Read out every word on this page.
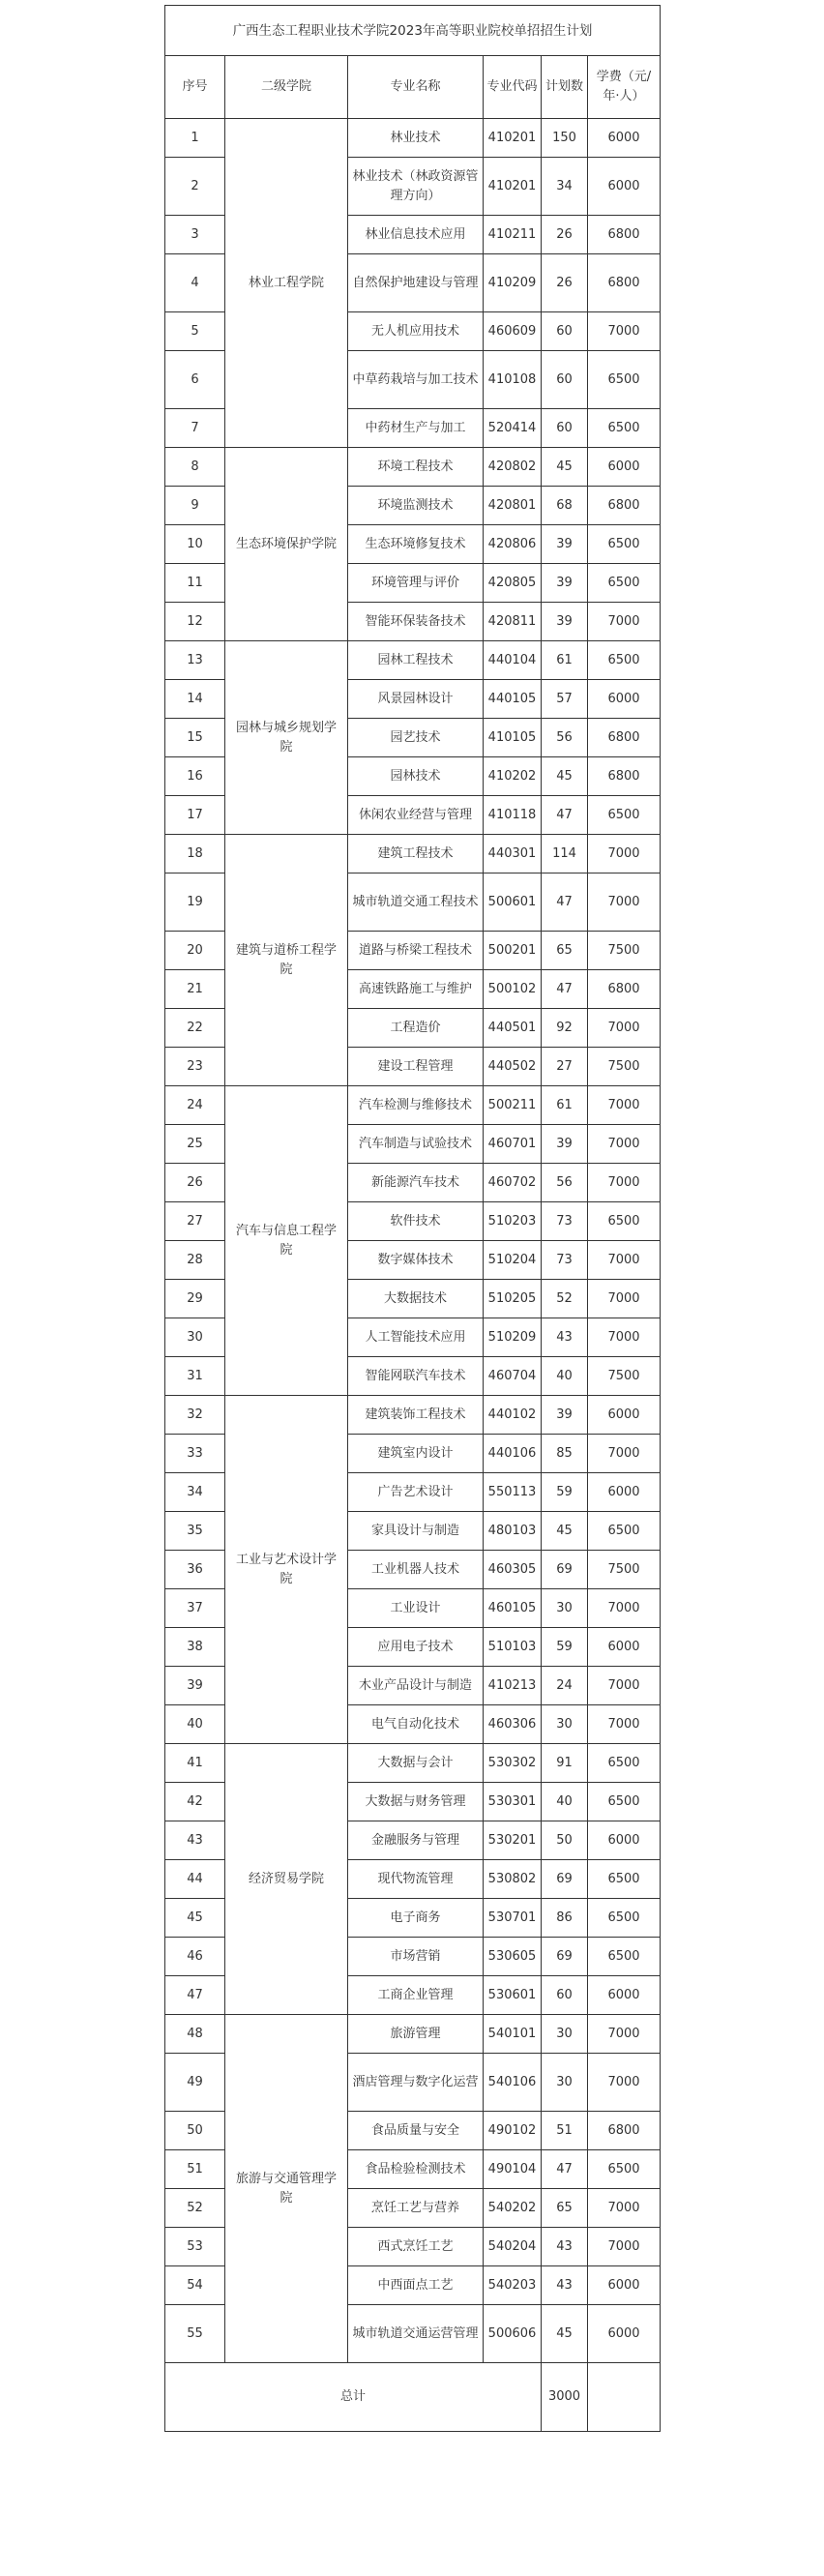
广西生态工程职业技术学院2023年高等职业院校单招招生计划					
序号	二级学院	专业名称	专业代码	计划数	学费（元/年·人）
1	林业工程学院	林业技术	410201	150	6000
2		林业技术（林政资源管理方向）	410201	34	6000
3		林业信息技术应用	410211	26	6800
4		自然保护地建设与管理	410209	26	6800
5		无人机应用技术	460609	60	7000
6		中草药栽培与加工技术	410108	60	6500
7		中药材生产与加工	520414	60	6500
8	生态环境保护学院	环境工程技术	420802	45	6000
9		环境监测技术	420801	68	6800
10		生态环境修复技术	420806	39	6500
11		环境管理与评价	420805	39	6500
12		智能环保装备技术	420811	39	7000
13	园林与城乡规划学院	园林工程技术	440104	61	6500
14		风景园林设计	440105	57	6000
15		园艺技术	410105	56	6800
16		园林技术	410202	45	6800
17		休闲农业经营与管理	410118	47	6500
18	建筑与道桥工程学院	建筑工程技术	440301	114	7000
19		城市轨道交通工程技术	500601	47	7000
20		道路与桥梁工程技术	500201	65	7500
21		高速铁路施工与维护	500102	47	6800
22		工程造价	440501	92	7000
23		建设工程管理	440502	27	7500
24	汽车与信息工程学院	汽车检测与维修技术	500211	61	7000
25		汽车制造与试验技术	460701	39	7000
26		新能源汽车技术	460702	56	7000
27		软件技术	510203	73	6500
28		数字媒体技术	510204	73	7000
29		大数据技术	510205	52	7000
30		人工智能技术应用	510209	43	7000
31		智能网联汽车技术	460704	40	7500
32	工业与艺术设计学院	建筑装饰工程技术	440102	39	6000
33		建筑室内设计	440106	85	7000
34		广告艺术设计	550113	59	6000
35		家具设计与制造	480103	45	6500
36		工业机器人技术	460305	69	7500
37		工业设计	460105	30	7000
38		应用电子技术	510103	59	6000
39		木业产品设计与制造	410213	24	7000
40		电气自动化技术	460306	30	7000
41	经济贸易学院	大数据与会计	530302	91	6500
42		大数据与财务管理	530301	40	6500
43		金融服务与管理	530201	50	6000
44		现代物流管理	530802	69	6500
45		电子商务	530701	86	6500
46		市场营销	530605	69	6500
47		工商企业管理	530601	60	6000
48	旅游与交通管理学院	旅游管理	540101	30	7000
49		酒店管理与数字化运营	540106	30	7000
50		食品质量与安全	490102	51	6800
51		食品检验检测技术	490104	47	6500
52		烹饪工艺与营养	540202	65	7000
53		西式烹饪工艺	540204	43	7000
54		中西面点工艺	540203	43	6000
55		城市轨道交通运营管理	500606	45	6000
总计				3000	
